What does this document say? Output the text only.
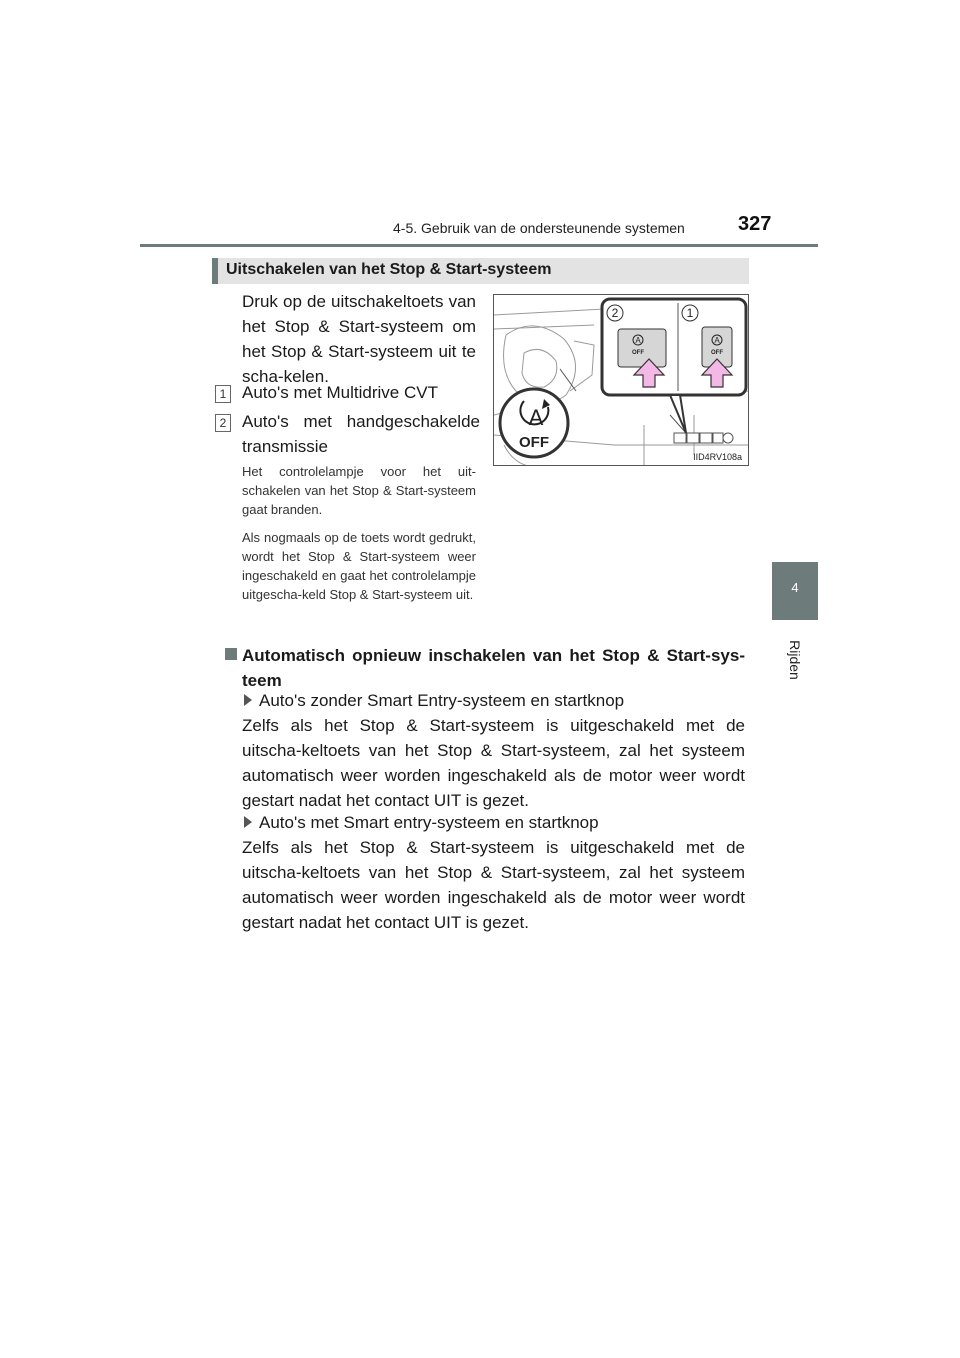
4-5. Gebruik van de ondersteunende systemen	327
4
Rijden
Uitschakelen van het Stop & Start-systeem

Druk op de uitschakeltoets van het Stop & Start-systeem om het Stop & Start-systeem uit te scha-kelen.

1 Auto's met Multidrive CVT
2 Auto's met handgeschakelde transmissie

Het controlelampje voor het uit-schakelen van het Stop & Start-systeem gaat branden.

Als nogmaals op de toets wordt gedrukt, wordt het Stop & Start-systeem weer ingeschakeld en gaat het controlelampje uitgescha-keld Stop & Start-systeem uit.

2	1
A
OFF
A
OFF
A
OFF
IID4RV108a
Automatisch opnieuw inschakelen van het Stop & Start-sys-teem
Auto's zonder Smart Entry-systeem en startknop

Zelfs als het Stop & Start-systeem is uitgeschakeld met de uitscha-keltoets van het Stop & Start-systeem, zal het systeem automatisch weer worden ingeschakeld als de motor weer wordt gestart nadat het contact UIT is gezet.

Auto's met Smart entry-systeem en startknop

Zelfs als het Stop & Start-systeem is uitgeschakeld met de uitscha-keltoets van het Stop & Start-systeem, zal het systeem automatisch weer worden ingeschakeld als de motor weer wordt gestart nadat het contact UIT is gezet.
